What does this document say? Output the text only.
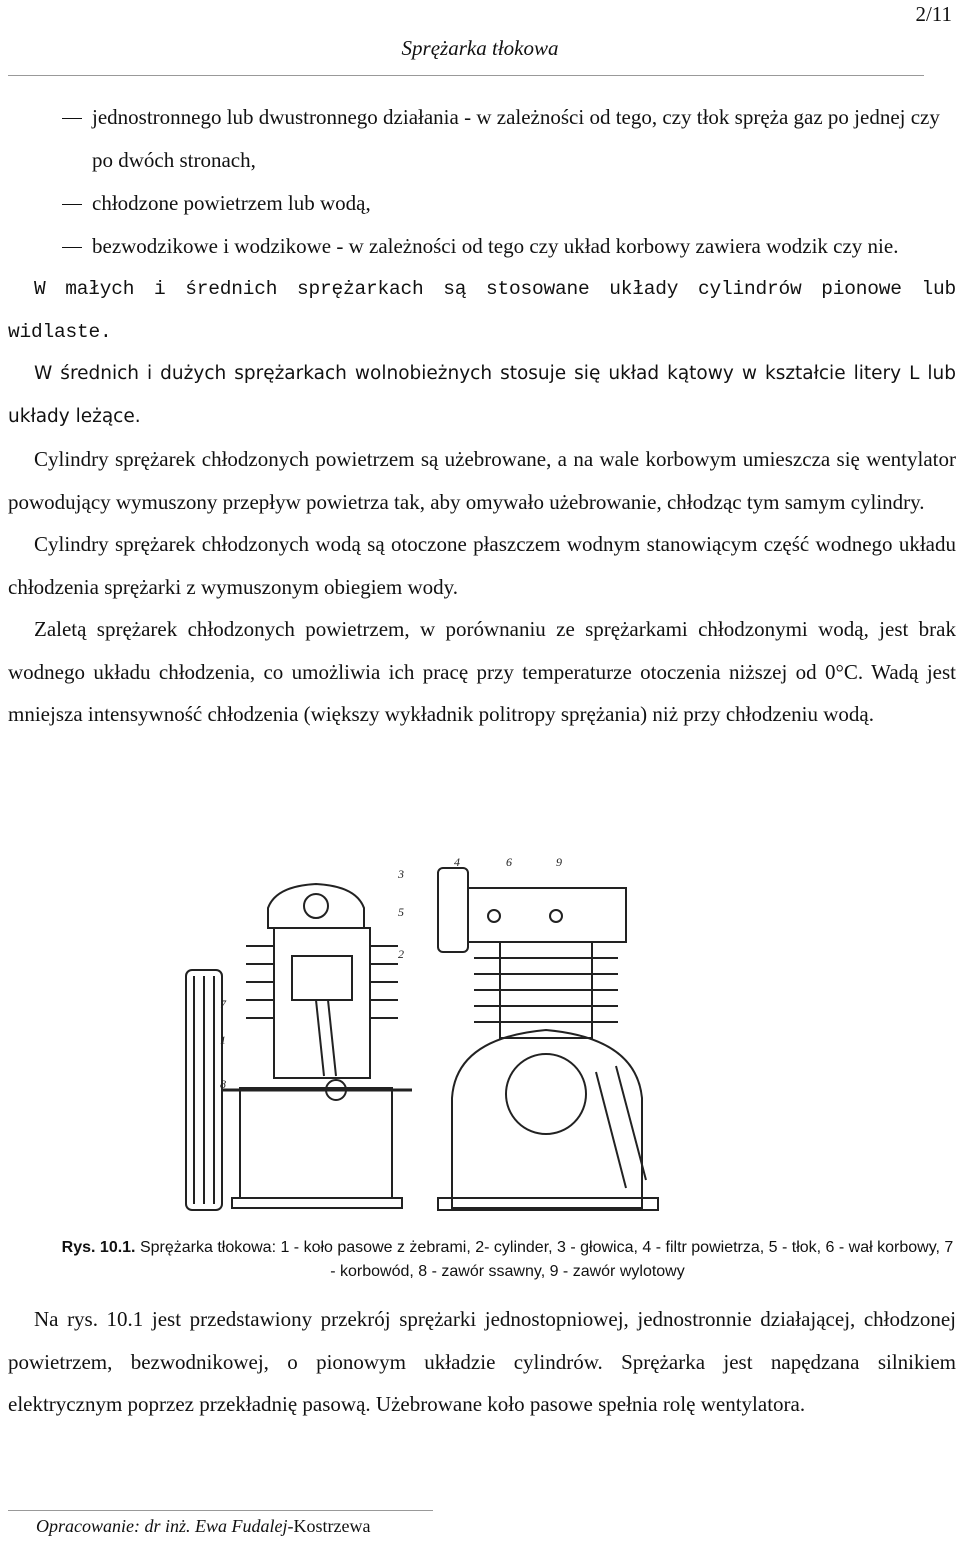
2/11
Sprężarka tłokowa
jednostronnego lub dwustronnego działania - w zależności od tego, czy tłok spręża gaz po jednej czy po dwóch stronach,
chłodzone powietrzem lub wodą,
bezwodzikowe i wodzikowe - w zależności od tego czy układ korbowy zawiera wodzik czy nie.

W małych i średnich sprężarkach są stosowane układy cylindrów pionowe lub widlaste.

W średnich i dużych sprężarkach wolnobieżnych stosuje się układ kątowy w kształcie litery L lub układy leżące.

Cylindry sprężarek chłodzonych powietrzem są użebrowane, a na wale korbowym umieszcza się wentylator powodujący wymuszony przepływ powietrza tak, aby omywało użebrowanie, chłodząc tym samym cylindry.

Cylindry sprężarek chłodzonych wodą są otoczone płaszczem wodnym stanowiącym część wodnego układu chłodzenia sprężarki z wymuszonym obiegiem wody.

Zaletą sprężarek chłodzonych powietrzem, w porównaniu ze sprężarkami chłodzonymi wodą, jest brak wodnego układu chłodzenia, co umożliwia ich pracę przy temperaturze otoczenia niższej od 0°C. Wadą jest mniejsza intensywność chłodzenia (większy wykładnik politropy sprężania) niż przy chłodzeniu wodą.

3
5
2
7
1
8
4	6	9
Rys. 10.1. Sprężarka tłokowa: 1 - koło pasowe z żebrami, 2- cylinder, 3 - głowica, 4 - filtr powietrza, 5 - tłok, 6 - wał korbowy, 7 - korbowód, 8 - zawór ssawny, 9 - zawór wylotowy

Na rys. 10.1 jest przedstawiony przekrój sprężarki jednostopniowej, jednostronnie działającej, chłodzonej powietrzem, bezwodnikowej, o pionowym układzie cylindrów. Sprężarka jest napędzana silnikiem elektrycznym poprzez przekładnię pasową. Użebrowane koło pasowe spełnia rolę wentylatora.

Opracowanie: dr inż. Ewa Fudalej-Kostrzewa
